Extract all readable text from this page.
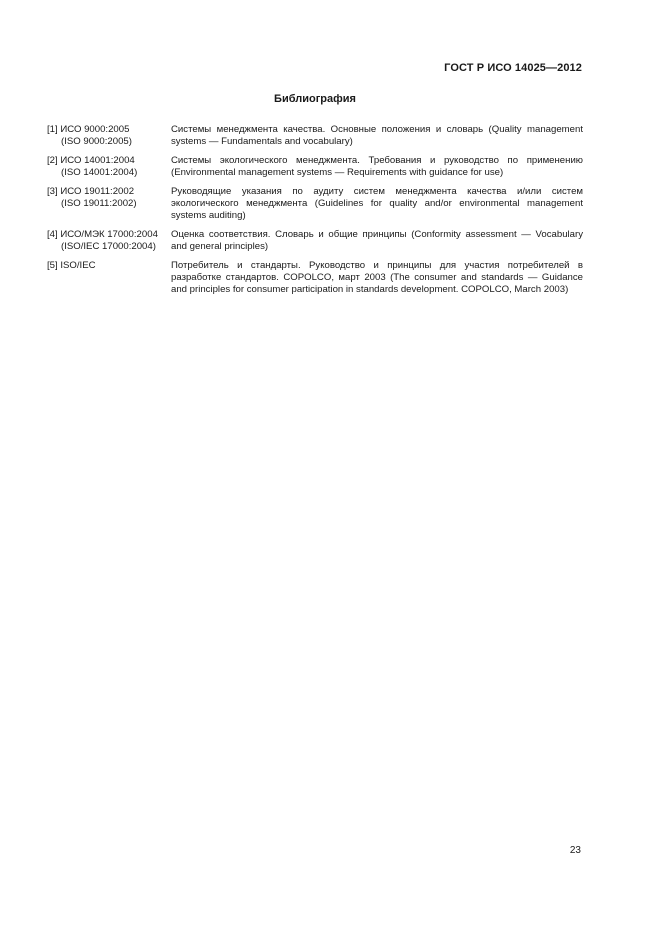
ГОСТ Р ИСО 14025—2012
Библиография
[1] ИСО 9000:2005
(ISO 9000:2005)
Системы менеджмента качества. Основные положения и словарь (Quality management systems — Fundamentals and vocabulary)
[2] ИСО 14001:2004
(ISO 14001:2004)
Системы экологического менеджмента. Требования и руководство по применению (Environmental management systems — Requirements with guidance for use)
[3] ИСО 19011:2002
(ISO 19011:2002)
Руководящие указания по аудиту систем менеджмента качества и/или систем экологического менеджмента (Guidelines for quality and/or environmental management systems auditing)
[4] ИСО/МЭК 17000:2004
(ISO/IEC 17000:2004)
Оценка соответствия. Словарь и общие принципы (Conformity assessment — Vocabulary and general principles)
[5] ISO/IEC	Потребитель и стандарты. Руководство и принципы для участия потребителей в разработке стандартов. COPOLCO, март 2003 (The consumer and standards — Guidance and principles for consumer participation in standards development. COPOLCO, March 2003)
23
